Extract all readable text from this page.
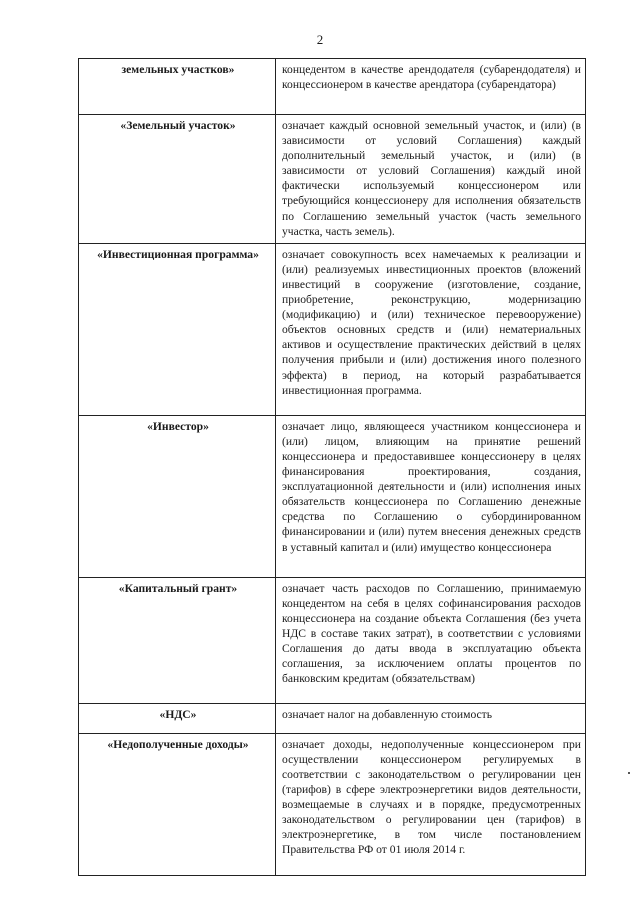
2
земельных участков»	концедентом в качестве арендодателя (субарендодателя) и концессионером в качестве арендатора (субарендатора)
«Земельный участок»	означает каждый основной земельный участок, и (или) (в зависимости от условий Соглашения) каждый дополнительный земельный участок, и (или) (в зависимости от условий Соглашения) каждый иной фактически используемый концессионером или требующийся концессионеру для исполнения обязательств по Соглашению земельный участок (часть земельного участка, часть земель).
«Инвестиционная программа»	означает совокупность всех намечаемых к реализации и (или) реализуемых инвестиционных проектов (вложений инвестиций в сооружение (изготовление, создание, приобретение, реконструкцию, модернизацию (модификацию) и (или) техническое перевооружение) объектов основных средств и (или) нематериальных активов и осуществление практических действий в целях получения прибыли и (или) достижения иного полезного эффекта) в период, на который разрабатывается инвестиционная программа.
«Инвестор»	означает лицо, являющееся участником концессионера и (или) лицом, влияющим на принятие решений концессионера и предоставившее концессионеру в целях финансирования проектирования, создания, эксплуатационной деятельности и (или) исполнения иных обязательств концессионера по Соглашению денежные средства по Соглашению о субординированном финансировании и (или) путем внесения денежных средств в уставный капитал и (или) имущество концессионера
«Капитальный грант»	означает часть расходов по Соглашению, принимаемую концедентом на себя в целях софинансирования расходов концессионера на создание объекта Соглашения (без учета НДС в составе таких затрат), в соответствии с условиями Соглашения до даты ввода в эксплуатацию объекта соглашения, за исключением оплаты процентов по банковским кредитам (обязательствам)
«НДС»	означает налог на добавленную стоимость
«Недополученные доходы»	означает доходы, недополученные концессионером при осуществлении концессионером регулируемых в соответствии с законодательством о регулировании цен (тарифов) в сфере электроэнергетики видов деятельности, возмещаемые в случаях и в порядке, предусмотренных законодательством о регулировании цен (тарифов) в электроэнергетике, в том числе постановлением Правительства РФ от 01 июля 2014 г.
